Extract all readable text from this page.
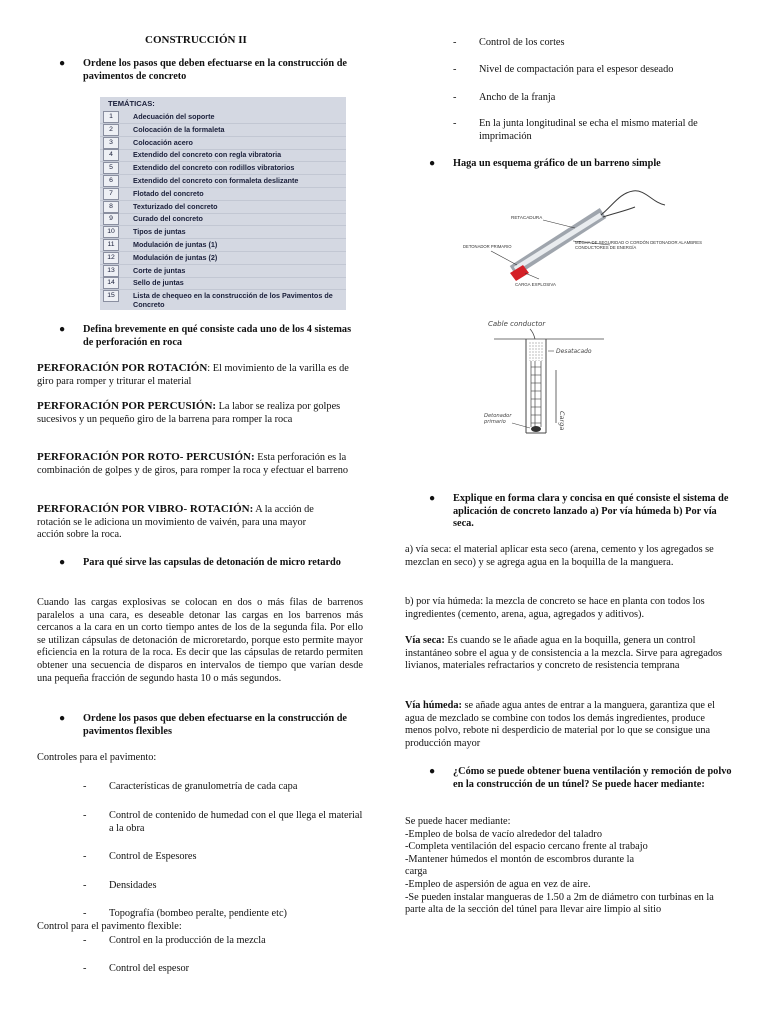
CONSTRUCCIÓN II
● Ordene los pasos que deben efectuarse en la construcción de pavimentos de concreto
TEMÁTICAS:
1	Adecuación del soporte
2	Colocación de la formaleta
3	Colocación acero
4	Extendido del concreto con regla vibratoria
5	Extendido del concreto con rodillos vibratorios
6	Extendido del concreto con formaleta deslizante
7	Flotado del concreto
8	Texturizado del concreto
9	Curado del concreto
10	Tipos de juntas
11	Modulación de juntas (1)
12	Modulación de juntas (2)
13	Corte de juntas
14	Sello de juntas
15	Lista de chequeo en la construcción de los Pavimentos de Concreto
● Defina brevemente en qué consiste cada uno de los 4 sistemas de perforación en roca

PERFORACIÓN POR ROTACIÓN: El movimiento de la varilla es de giro para romper y triturar el material

PERFORACIÓN POR PERCUSIÓN: La labor se realiza por golpes sucesivos y un pequeño giro de la barrena para romper la roca

PERFORACIÓN POR ROTO- PERCUSIÓN: Esta perforación es la combinación de golpes y de giros, para romper la roca y efectuar el barreno

PERFORACIÓN POR VIBRO- ROTACIÓN: A la acción de rotación se le adiciona un movimiento de vaivén, para una mayor acción sobre la roca.

● Para qué sirve las capsulas de detonación de micro retardo

Cuando las cargas explosivas se colocan en dos o más filas de barrenos paralelos a una cara, es deseable detonar las cargas en los barrenos más cercanos a la cara en un corto tiempo antes de los de la segunda fila. Por ello se utilizan cápsulas de detonación de microretardo, porque esto permite mayor eficiencia en la rotura de la roca. Es decir que las cápsulas de retardo permiten obtener una secuencia de disparos en intervalos de tiempo que varían desde una pequeña fracción de segundo hasta 10 o más segundos.

● Ordene los pasos que deben efectuarse en la construcción de pavimentos flexibles

Controles para el pavimento:

- Características de granulometría de cada capa
- Control de contenido de humedad con el que llega el material a la obra
- Control de Espesores
- Densidades
- Topografía (bombeo peralte, pendiente etc)

Control para el pavimento flexible:

- Control en la producción de la mezcla
- Control del espesor
- Control de los cortes
- Nivel de compactación para el espesor deseado
- Ancho de la franja
- En la junta longitudinal se echa el mismo material de imprimación
● Haga un esquema gráfico de un barreno simple
RETACADURA
DETONADOR PRIMARIO
MECHA DE SEGURIDAD O CORDÓN DETONADOR ALAMBRES CONDUCTORES DE ENERGÍA
CARGA EXPLOSIVA
Cable conductor
Desatacado
Carga
Detonador primario
● Explique en forma clara y concisa en qué consiste el sistema de aplicación de concreto lanzado a) Por vía húmeda b) Por vía seca.

a) vía seca: el material aplicar esta seco (arena, cemento y los agregados se mezclan en seco) y se agrega agua en la boquilla de la manguera.

b) por vía húmeda: la mezcla de concreto se hace en planta con todos los ingredientes (cemento, arena, agua, agregados y aditivos).

Vía seca: Es cuando se le añade agua en la boquilla, genera un control instantáneo sobre el agua y de consistencia a la mezcla. Sirve para agregados livianos, materiales refractarios y concreto de resistencia temprana

Vía húmeda: se añade agua antes de entrar a la manguera, garantiza que el agua de mezclado se combine con todos los demás ingredientes, produce menos polvo, rebote ni desperdicio de material por lo que se consigue una producción mayor

● ¿Cómo se puede obtener buena ventilación y remoción de polvo en la construcción de un túnel? Se puede hacer mediante:
Se puede hacer mediante:
-Empleo de bolsa de vacío alrededor del taladro
-Completa ventilación del espacio cercano frente al trabajo
-Mantener húmedos el montón de escombros durante la
carga
-Empleo de aspersión de agua en vez de aire.
-Se pueden instalar mangueras de 1.50 a 2m de diámetro con turbinas en la parte alta de la sección del túnel para llevar aire limpio al sitio
